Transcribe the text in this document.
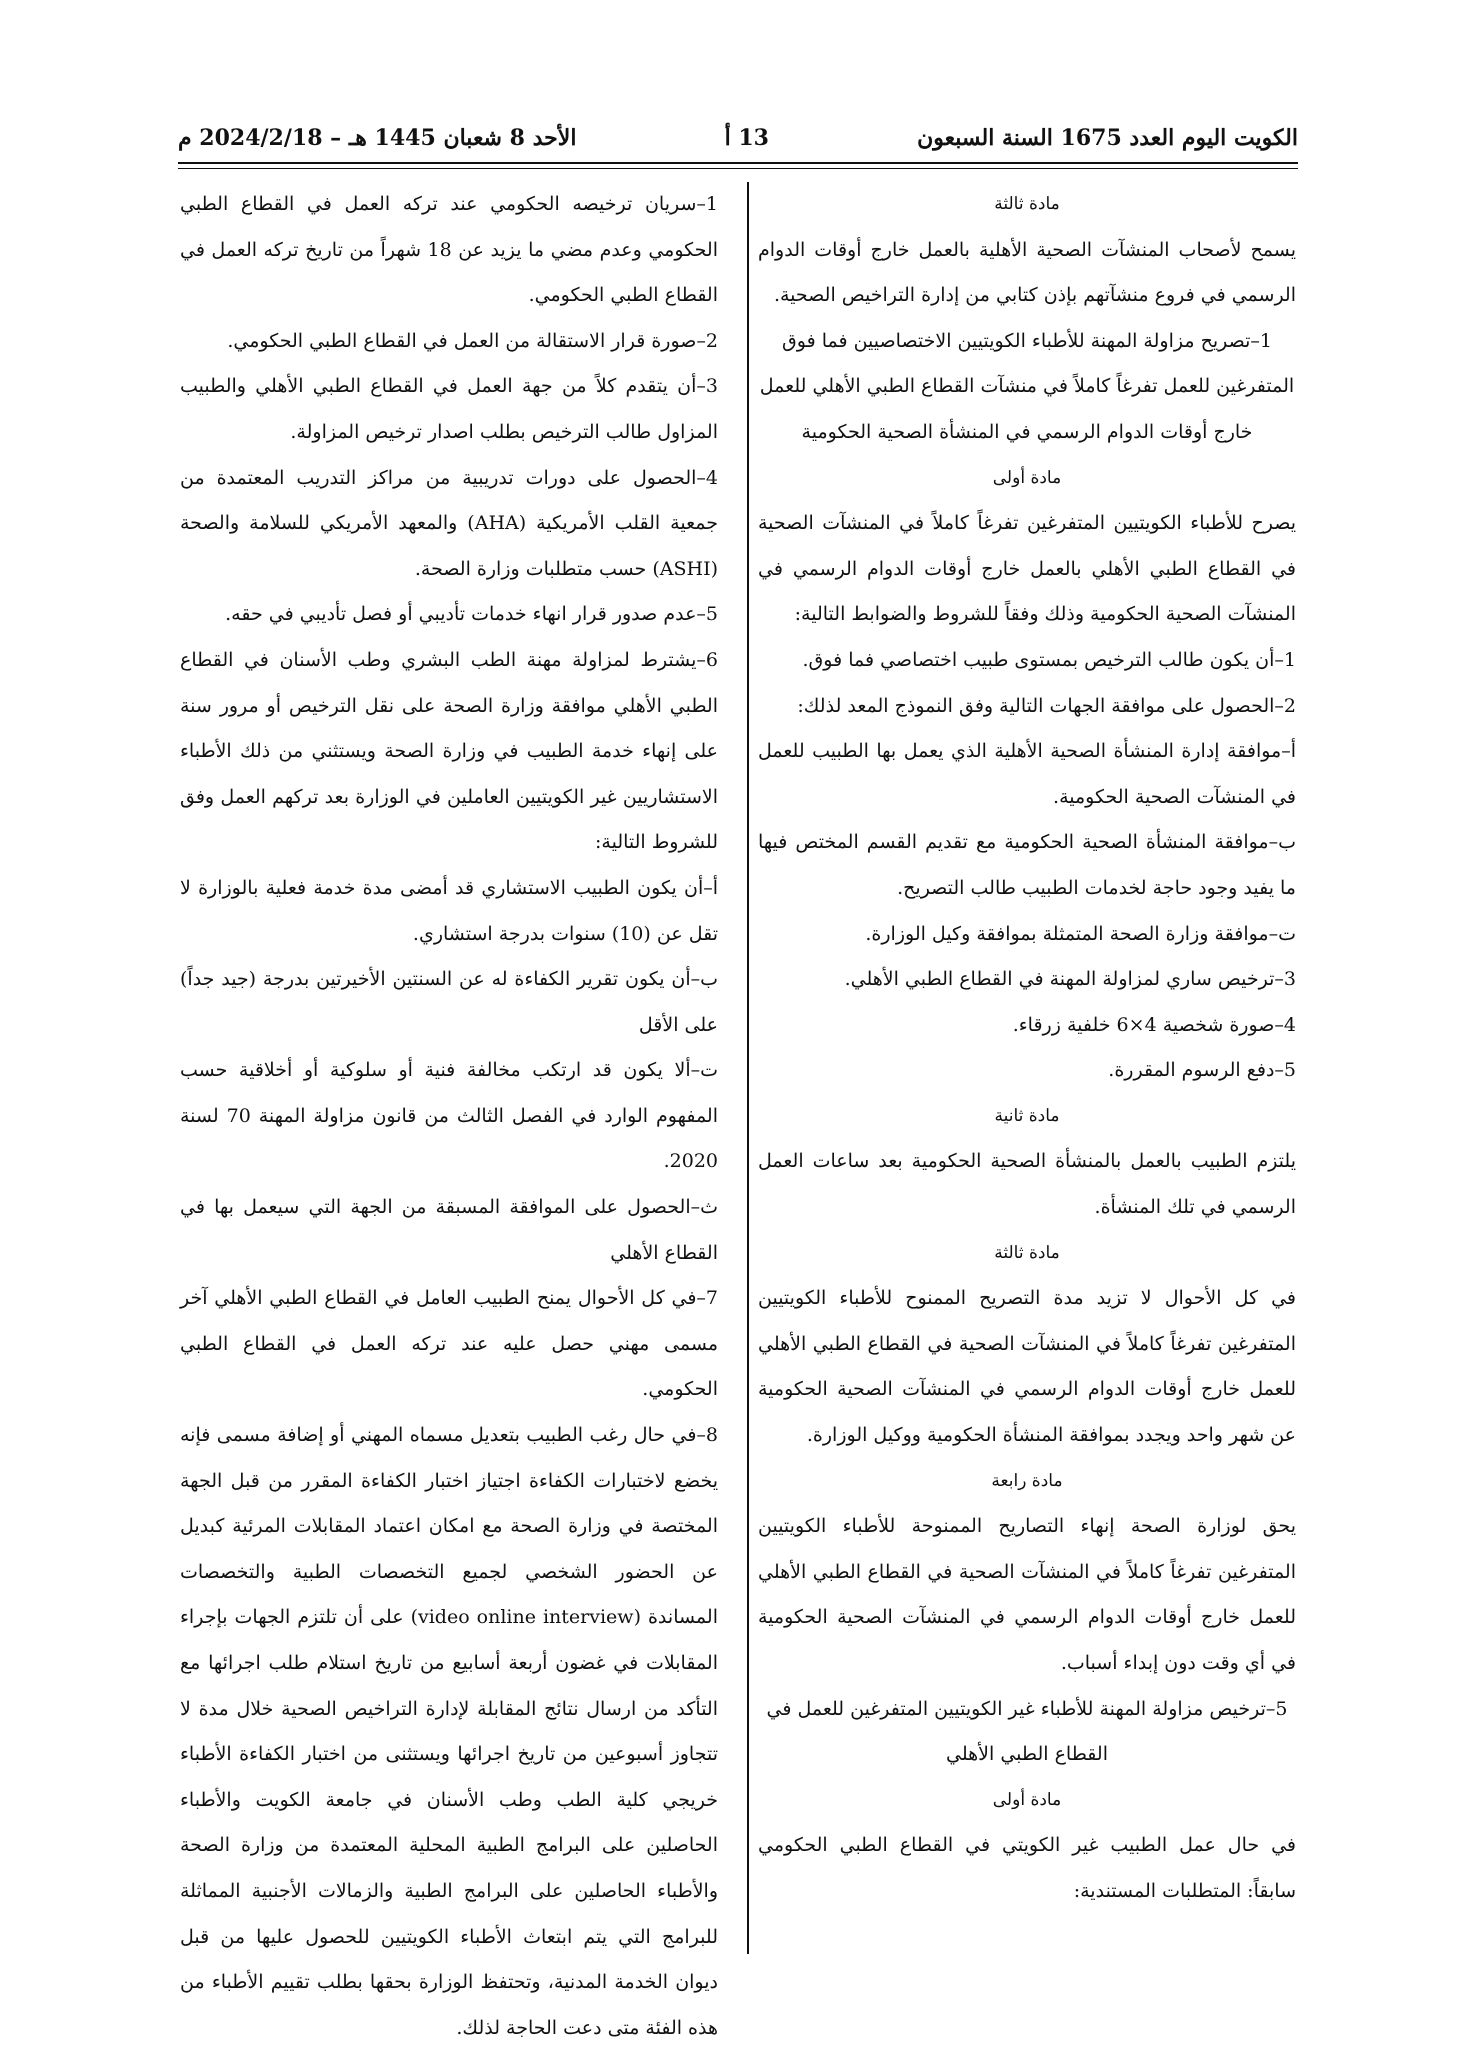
الكويت اليوم العدد 1675 السنة السبعون
13 أ
الأحد 8 شعبان 1445 هـ – 2024/2/18 م

مادة ثالثة

يسمح لأصحاب المنشآت الصحية الأهلية بالعمل خارج أوقات الدوام الرسمي في فروع منشآتهم بإذن كتابي من إدارة التراخيص الصحية.

1–تصريح مزاولة المهنة للأطباء الكويتيين الاختصاصيين فما فوق المتفرغين للعمل تفرغاً كاملاً في منشآت القطاع الطبي الأهلي للعمل خارج أوقات الدوام الرسمي في المنشأة الصحية الحكومية

مادة أولى

يصرح للأطباء الكويتيين المتفرغين تفرغاً كاملاً في المنشآت الصحية في القطاع الطبي الأهلي بالعمل خارج أوقات الدوام الرسمي في المنشآت الصحية الحكومية وذلك وفقاً للشروط والضوابط التالية:

1–أن يكون طالب الترخيص بمستوى طبيب اختصاصي فما فوق.

2–الحصول على موافقة الجهات التالية وفق النموذج المعد لذلك:

أ–موافقة إدارة المنشأة الصحية الأهلية الذي يعمل بها الطبيب للعمل في المنشآت الصحية الحكومية.

ب–موافقة المنشأة الصحية الحكومية مع تقديم القسم المختص فيها ما يفيد وجود حاجة لخدمات الطبيب طالب التصريح.

ت–موافقة وزارة الصحة المتمثلة بموافقة وكيل الوزارة.

3–ترخيص ساري لمزاولة المهنة في القطاع الطبي الأهلي.

4–صورة شخصية 4×6 خلفية زرقاء.

5–دفع الرسوم المقررة.

مادة ثانية

يلتزم الطبيب بالعمل بالمنشأة الصحية الحكومية بعد ساعات العمل الرسمي في تلك المنشأة.

مادة ثالثة

في كل الأحوال لا تزيد مدة التصريح الممنوح للأطباء الكويتيين المتفرغين تفرغاً كاملاً في المنشآت الصحية في القطاع الطبي الأهلي للعمل خارج أوقات الدوام الرسمي في المنشآت الصحية الحكومية عن شهر واحد ويجدد بموافقة المنشأة الحكومية ووكيل الوزارة.

مادة رابعة

يحق لوزارة الصحة إنهاء التصاريح الممنوحة للأطباء الكويتيين المتفرغين تفرغاً كاملاً في المنشآت الصحية في القطاع الطبي الأهلي للعمل خارج أوقات الدوام الرسمي في المنشآت الصحية الحكومية في أي وقت دون إبداء أسباب.

5–ترخيص مزاولة المهنة للأطباء غير الكويتيين المتفرغين للعمل في القطاع الطبي الأهلي

مادة أولى

في حال عمل الطبيب غير الكويتي في القطاع الطبي الحكومي سابقاً: المتطلبات المستندية:

1–سريان ترخيصه الحكومي عند تركه العمل في القطاع الطبي الحكومي وعدم مضي ما يزيد عن 18 شهراً من تاريخ تركه العمل في القطاع الطبي الحكومي.

2–صورة قرار الاستقالة من العمل في القطاع الطبي الحكومي.

3–أن يتقدم كلاً من جهة العمل في القطاع الطبي الأهلي والطبيب المزاول طالب الترخيص بطلب اصدار ترخيص المزاولة.

4–الحصول على دورات تدريبية من مراكز التدريب المعتمدة من جمعية القلب الأمريكية (AHA) والمعهد الأمريكي للسلامة والصحة (ASHI) حسب متطلبات وزارة الصحة.

5–عدم صدور قرار انهاء خدمات تأديبي أو فصل تأديبي في حقه.

6–يشترط لمزاولة مهنة الطب البشري وطب الأسنان في القطاع الطبي الأهلي موافقة وزارة الصحة على نقل الترخيص أو مرور سنة على إنهاء خدمة الطبيب في وزارة الصحة ويستثني من ذلك الأطباء الاستشاريين غير الكويتيين العاملين في الوزارة بعد تركهم العمل وفق للشروط التالية:

أ–أن يكون الطبيب الاستشاري قد أمضى مدة خدمة فعلية بالوزارة لا تقل عن (10) سنوات بدرجة استشاري.

ب–أن يكون تقرير الكفاءة له عن السنتين الأخيرتين بدرجة (جيد جداً) على الأقل

ت–ألا يكون قد ارتكب مخالفة فنية أو سلوكية أو أخلاقية حسب المفهوم الوارد في الفصل الثالث من قانون مزاولة المهنة 70 لسنة 2020.

ث–الحصول على الموافقة المسبقة من الجهة التي سيعمل بها في القطاع الأهلي

7–في كل الأحوال يمنح الطبيب العامل في القطاع الطبي الأهلي آخر مسمى مهني حصل عليه عند تركه العمل في القطاع الطبي الحكومي.

8–في حال رغب الطبيب بتعديل مسماه المهني أو إضافة مسمى فإنه يخضع لاختبارات الكفاءة اجتياز اختبار الكفاءة المقرر من قبل الجهة المختصة في وزارة الصحة مع امكان اعتماد المقابلات المرئية كبديل عن الحضور الشخصي لجميع التخصصات الطبية والتخصصات المساندة (video online interview) على أن تلتزم الجهات بإجراء المقابلات في غضون أربعة أسابيع من تاريخ استلام طلب اجرائها مع التأكد من ارسال نتائج المقابلة لإدارة التراخيص الصحية خلال مدة لا تتجاوز أسبوعين من تاريخ اجرائها ويستثنى من اختبار الكفاءة الأطباء خريجي كلية الطب وطب الأسنان في جامعة الكويت والأطباء الحاصلين على البرامج الطبية المحلية المعتمدة من وزارة الصحة والأطباء الحاصلين على البرامج الطبية والزمالات الأجنبية المماثلة للبرامج التي يتم ابتعاث الأطباء الكويتيين للحصول عليها من قبل ديوان الخدمة المدنية، وتحتفظ الوزارة بحقها بطلب تقييم الأطباء من هذه الفئة متى دعت الحاجة لذلك.
